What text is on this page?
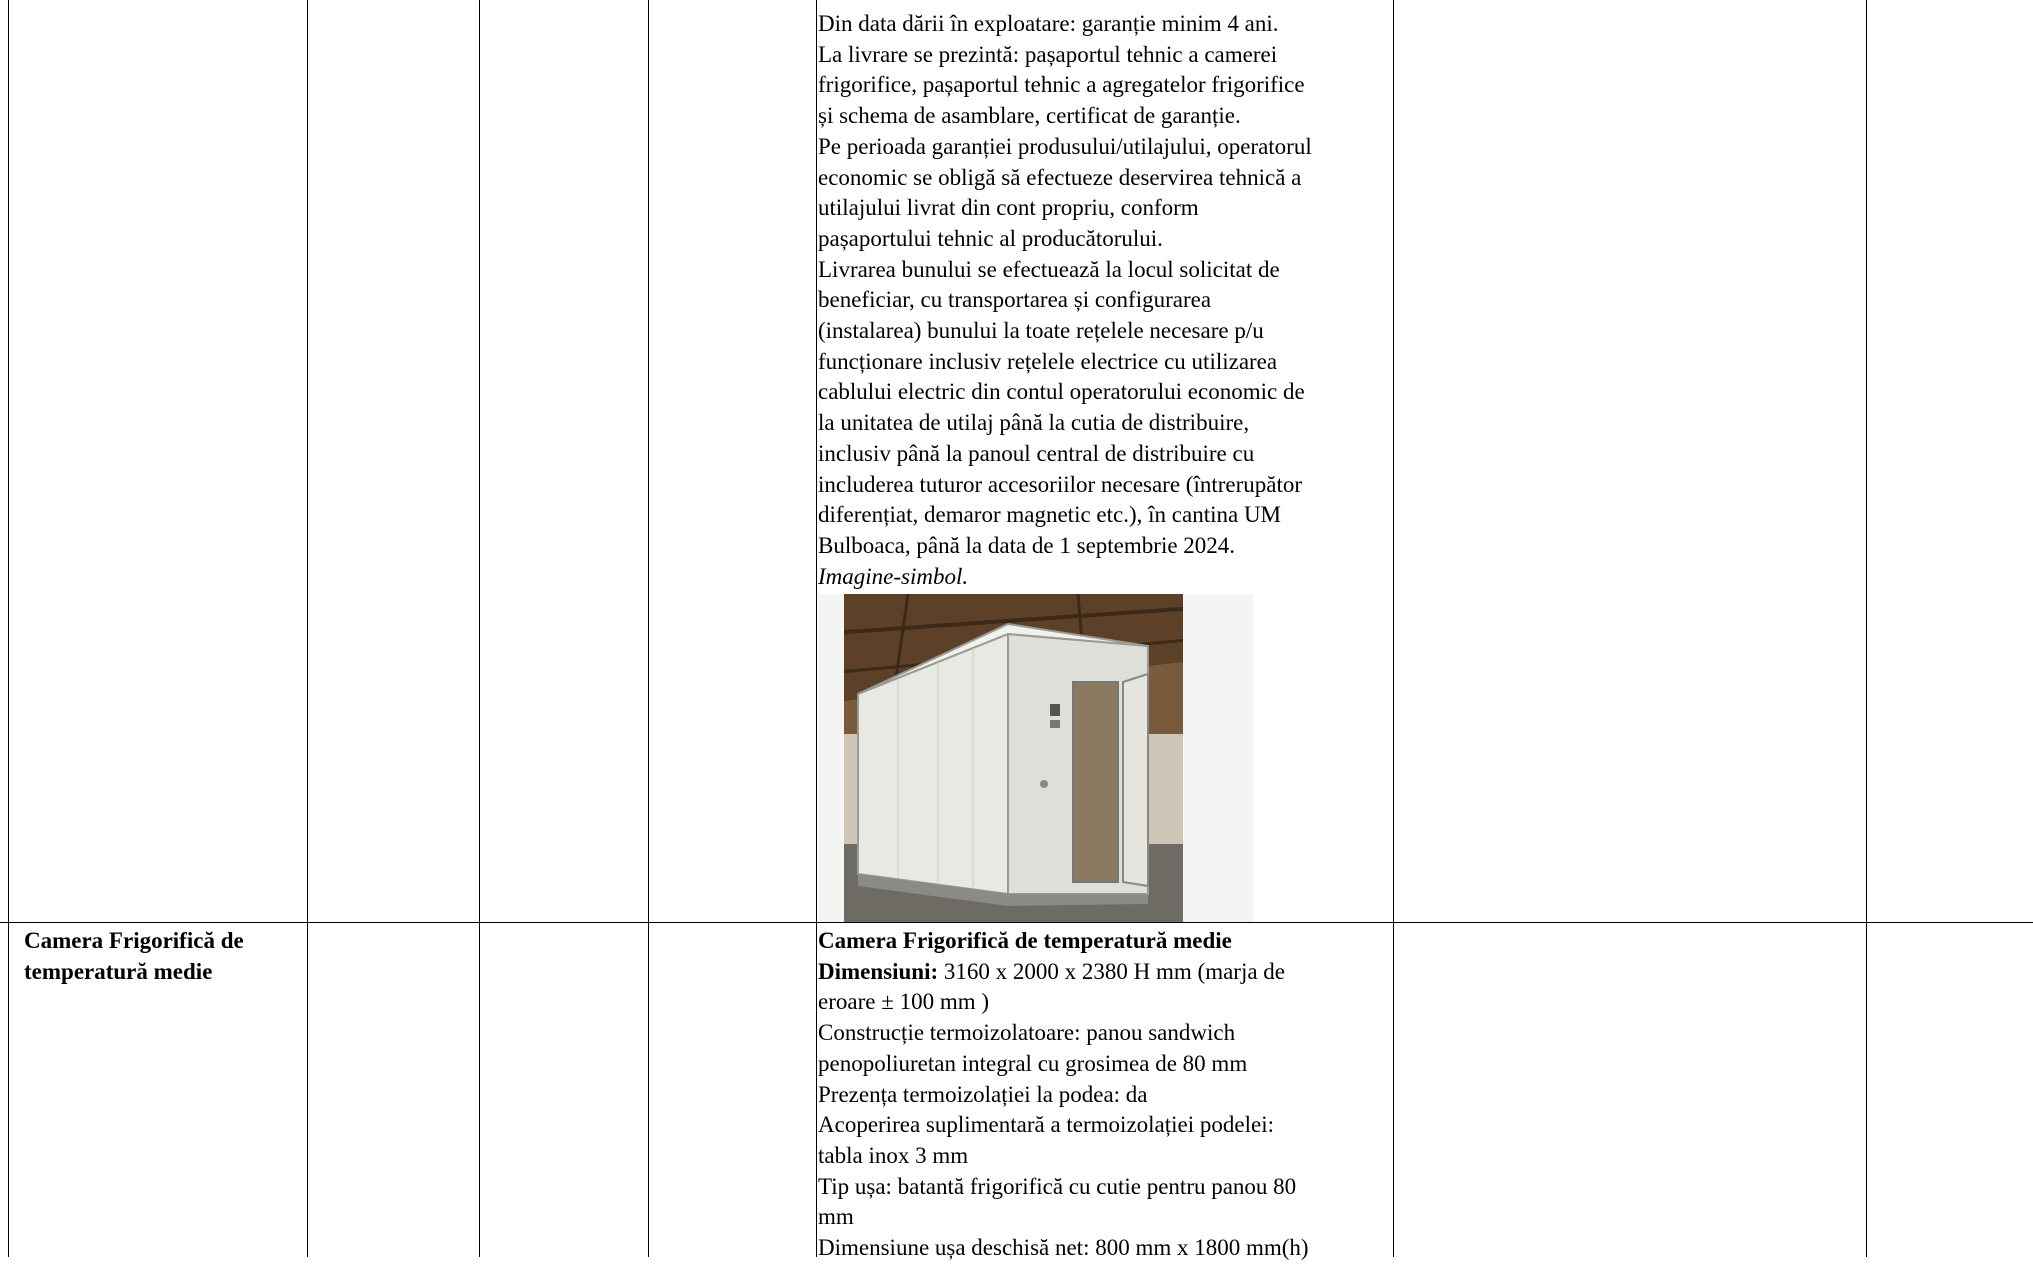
Din data dării în exploatare: garanție minim 4 ani.
La livrare se prezintă: pașaportul tehnic a camerei
frigorifice, pașaportul tehnic a agregatelor frigorifice
și schema de asamblare, certificat de garanție.
Pe perioada garanției produsului/utilajului, operatorul
economic se obligă să efectueze deservirea tehnică a
utilajului livrat din cont propriu, conform
pașaportului tehnic al producătorului.
Livrarea bunului se efectuează la locul solicitat de
beneficiar, cu transportarea și configurarea
(instalarea) bunului la toate rețelele necesare p/u
funcționare inclusiv rețelele electrice cu utilizarea
cablului electric din contul operatorului economic de
la unitatea de utilaj până la cutia de distribuire,
inclusiv până la panoul central de distribuire cu
includerea tuturor accesoriilor necesare (întrerupător
diferențiat, demaror magnetic etc.), în cantina UM
Bulboaca, până la data de 1 septembrie 2024.
Imagine-simbol.
Camera Frigorifică de
temperatură medie
Camera Frigorifică de temperatură medie
Dimensiuni: 3160 x 2000 x 2380 H mm (marja de
eroare ± 100 mm )
Construcție termoizolatoare: panou sandwich
penopoliuretan integral cu grosimea de 80 mm
Prezența termoizolației la podea: da
Acoperirea suplimentară a termoizolației podelei:
tabla inox 3 mm
Tip ușa: batantă frigorifică cu cutie pentru panou 80
mm
Dimensiune ușa deschisă net: 800 mm x 1800 mm(h)
